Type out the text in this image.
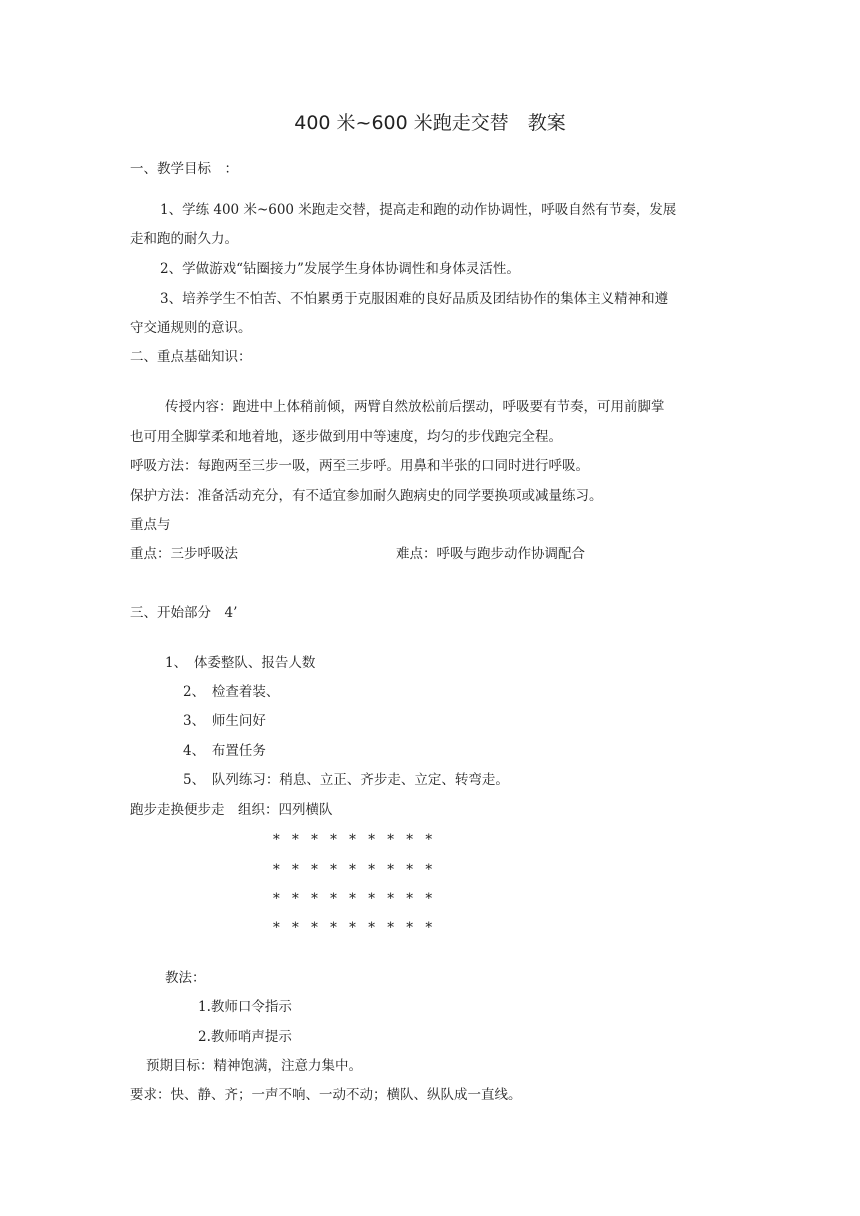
400 米~600 米跑走交替　教案
一、教学目标　：
1、学练 400 米~600 米跑走交替，提高走和跑的动作协调性，呼吸自然有节奏，发展
走和跑的耐久力。
2、学做游戏“钻圈接力”发展学生身体协调性和身体灵活性。
3、培养学生不怕苦、不怕累勇于克服困难的良好品质及团结协作的集体主义精神和遵
守交通规则的意识。
二、重点基础知识：
传授内容：跑进中上体稍前倾，两臂自然放松前后摆动，呼吸要有节奏，可用前脚掌
也可用全脚掌柔和地着地，逐步做到用中等速度，均匀的步伐跑完全程。
呼吸方法：每跑两至三步一吸，两至三步呼。用鼻和半张的口同时进行呼吸。
保护方法：准备活动充分，有不适宜参加耐久跑病史的同学要换项或减量练习。
重点与
重点：三步呼吸法	难点：呼吸与跑步动作协调配合
三、开始部分　4’
1、　体委整队、报告人数
2、　检查着装、
3、　师生问好
4、　布置任务
5、　队列练习：稍息、立正、齐步走、立定、转弯走。
跑步走换便步走　组织：四列横队
* * * * * * * * *
* * * * * * * * *
* * * * * * * * *
* * * * * * * * *
教法：
1.教师口令指示
2.教师哨声提示
预期目标：精神饱满，注意力集中。
要求：快、静、齐；一声不响、一动不动；横队、纵队成一直线。
